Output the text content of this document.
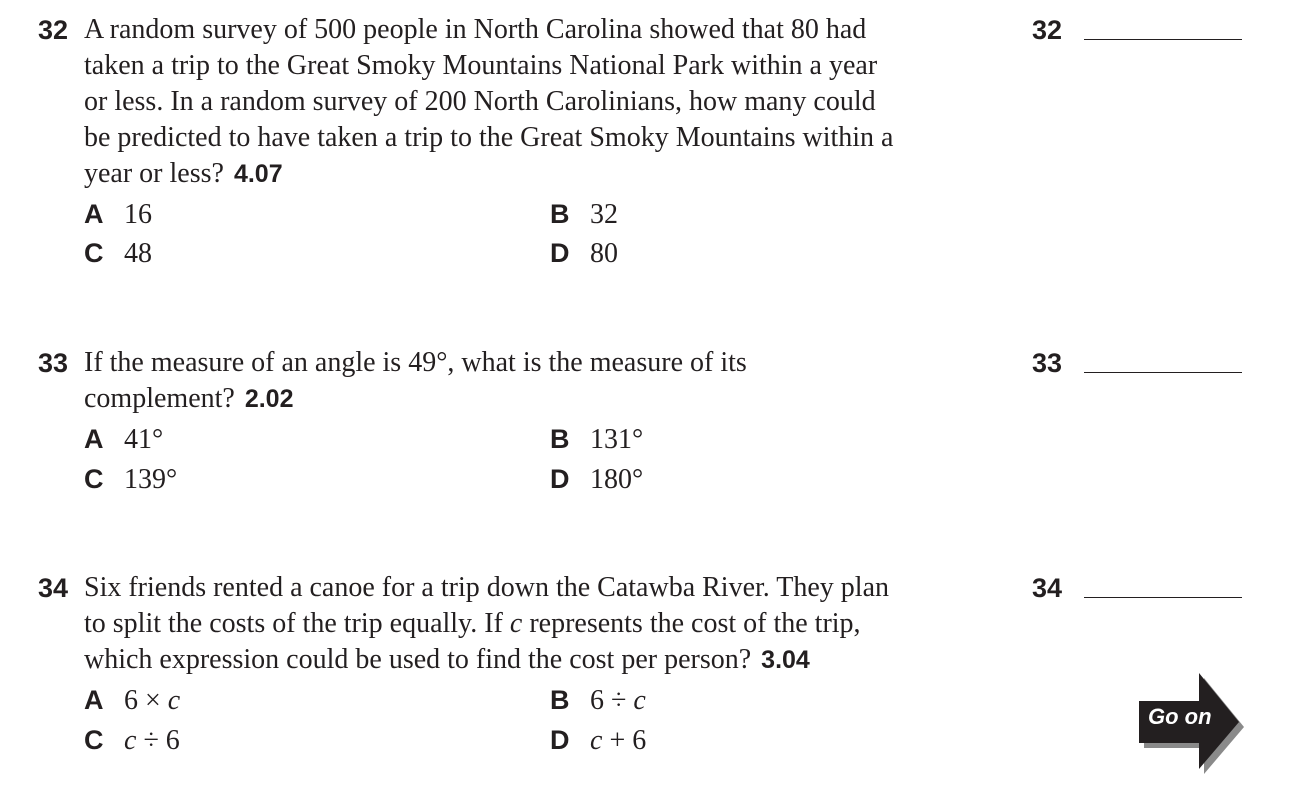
32 A random survey of 500 people in North Carolina showed that 80 had
taken a trip to the Great Smoky Mountains National Park within a year
or less. In a random survey of 200 North Carolinians, how many could
be predicted to have taken a trip to the Great Smoky Mountains within a
year or less? 4.07
A 16	B 32
C 48	D 80
32
33 If the measure of an angle is 49°, what is the measure of its
complement? 2.02
A 41°	B 131°
C 139°	D 180°
33
34 Six friends rented a canoe for a trip down the Catawba River. They plan
to split the costs of the trip equally. If c represents the cost of the trip,
which expression could be used to find the cost per person? 3.04
A 6 × c	B 6 ÷ c
C c ÷ 6	D c + 6
34
Go on
